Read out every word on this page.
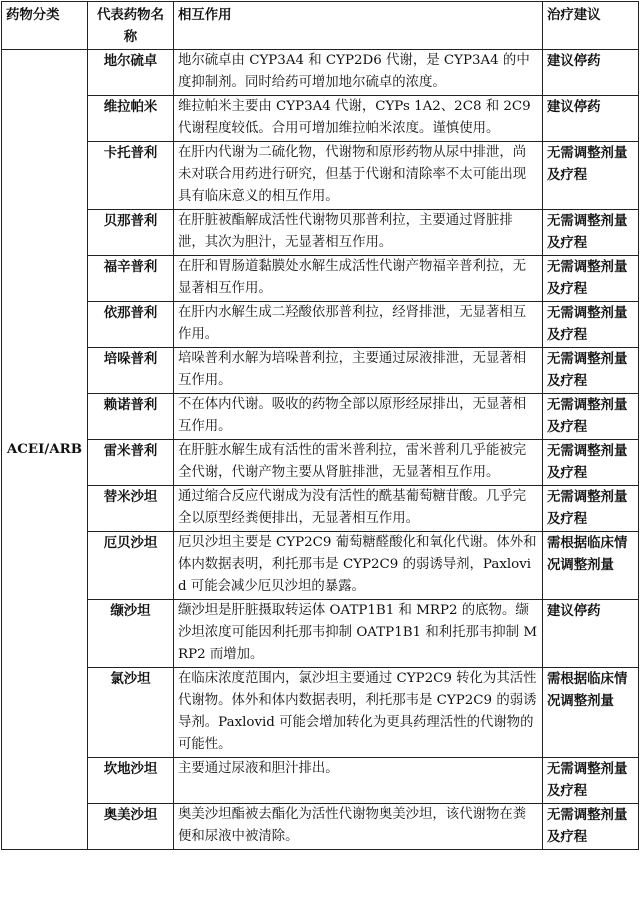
药物分类	代表药物名称	相互作用	治疗建议
ACEI/ARB	地尔硫卓	地尔硫卓由 CYP3A4 和 CYP2D6 代谢，是 CYP3A4 的中度抑制剂。同时给药可增加地尔硫卓的浓度。	建议停药
	维拉帕米	维拉帕米主要由 CYP3A4 代谢，CYPs 1A2、2C8 和 2C9 代谢程度较低。合用可增加维拉帕米浓度。谨慎使用。	建议停药
	卡托普利	在肝内代谢为二硫化物，代谢物和原形药物从尿中排泄，尚未对联合用药进行研究，但基于代谢和清除率不太可能出现具有临床意义的相互作用。	无需调整剂量及疗程
	贝那普利	在肝脏被酯解成活性代谢物贝那普利拉，主要通过肾脏排泄，其次为胆汁，无显著相互作用。	无需调整剂量及疗程
	福辛普利	在肝和胃肠道黏膜处水解生成活性代谢产物福辛普利拉，无显著相互作用。	无需调整剂量及疗程
	依那普利	在肝内水解生成二羟酸依那普利拉，经肾排泄，无显著相互作用。	无需调整剂量及疗程
	培哚普利	培哚普利水解为培哚普利拉，主要通过尿液排泄，无显著相互作用。	无需调整剂量及疗程
	赖诺普利	不在体内代谢。吸收的药物全部以原形经尿排出，无显著相互作用。	无需调整剂量及疗程
	雷米普利	在肝脏水解生成有活性的雷米普利拉，雷米普利几乎能被完全代谢，代谢产物主要从肾脏排泄，无显著相互作用。	无需调整剂量及疗程
	替米沙坦	通过缩合反应代谢成为没有活性的酰基葡萄糖苷酸。几乎完全以原型经粪便排出，无显著相互作用。	无需调整剂量及疗程
	厄贝沙坦	厄贝沙坦主要是 CYP2C9 葡萄糖醛酸化和氧化代谢。体外和体内数据表明，利托那韦是 CYP2C9 的弱诱导剂，Paxlovid 可能会减少厄贝沙坦的暴露。	需根据临床情况调整剂量
	缬沙坦	缬沙坦是肝脏摄取转运体 OATP1B1 和 MRP2 的底物。缬沙坦浓度可能因利托那韦抑制 OATP1B1 和利托那韦抑制 MRP2 而增加。	建议停药
	氯沙坦	在临床浓度范围内，氯沙坦主要通过 CYP2C9 转化为其活性代谢物。体外和体内数据表明，利托那韦是 CYP2C9 的弱诱导剂。Paxlovid 可能会增加转化为更具药理活性的代谢物的可能性。	需根据临床情况调整剂量
	坎地沙坦	主要通过尿液和胆汁排出。	无需调整剂量及疗程
	奥美沙坦	奥美沙坦酯被去酯化为活性代谢物奥美沙坦，该代谢物在粪便和尿液中被清除。	无需调整剂量及疗程
